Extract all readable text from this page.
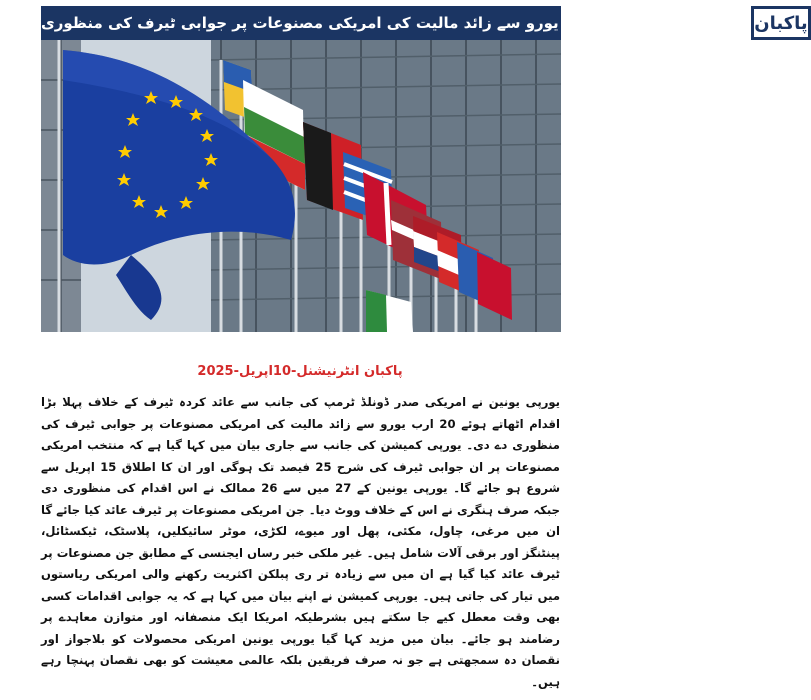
یورپی یونین کی 20 ارب یورو سے زائد مالیت کی امریکی مصنوعات پر جوابی ٹیرف کی منظوری پاکبان
پاکبان انٹرنیشنل-10اپریل-2025

یورپی یونین نے امریکی صدر ڈونلڈ ٹرمپ کی جانب سے عائد کردہ ٹیرف کے خلاف پہلا بڑا اقدام اٹھاتے ہوئے 20 ارب یورو سے زائد مالیت کی امریکی مصنوعات پر جوابی ٹیرف کی منظوری دے دی۔ یورپی کمیشن کی جانب سے جاری بیان میں کہا گیا ہے کہ منتخب امریکی مصنوعات پر ان جوابی ٹیرف کی شرح 25 فیصد تک ہوگی اور ان کا اطلاق 15 اپریل سے شروع ہو جائے گا۔ یورپی یونین کے 27 میں سے 26 ممالک نے اس اقدام کی منظوری دی جبکہ صرف ہنگری نے اس کے خلاف ووٹ دیا۔ جن امریکی مصنوعات پر ٹیرف عائد کیا جائے گا ان میں مرغی، چاول، مکئی، پھل اور میوے، لکڑی، موٹر سائیکلیں، پلاسٹک، ٹیکسٹائل، پینٹنگز اور برقی آلات شامل ہیں۔ غیر ملکی خبر رساں ایجنسی کے مطابق جن مصنوعات پر ٹیرف عائد کیا گیا ہے ان میں سے زیادہ تر ری پبلکن اکثریت رکھنے والی امریکی ریاستوں میں تیار کی جاتی ہیں۔ یورپی کمیشن نے اپنے بیان میں کہا ہے کہ یہ جوابی اقدامات کسی بھی وقت معطل کیے جا سکتے ہیں بشرطیکہ امریکا ایک منصفانہ اور متوازن معاہدے پر رضامند ہو جائے۔ بیان میں مزید کہا گیا یورپی یونین امریکی محصولات کو بلاجواز اور نقصان دہ سمجھتی ہے جو نہ صرف فریقین بلکہ عالمی معیشت کو بھی نقصان پہنچا رہے ہیں۔
